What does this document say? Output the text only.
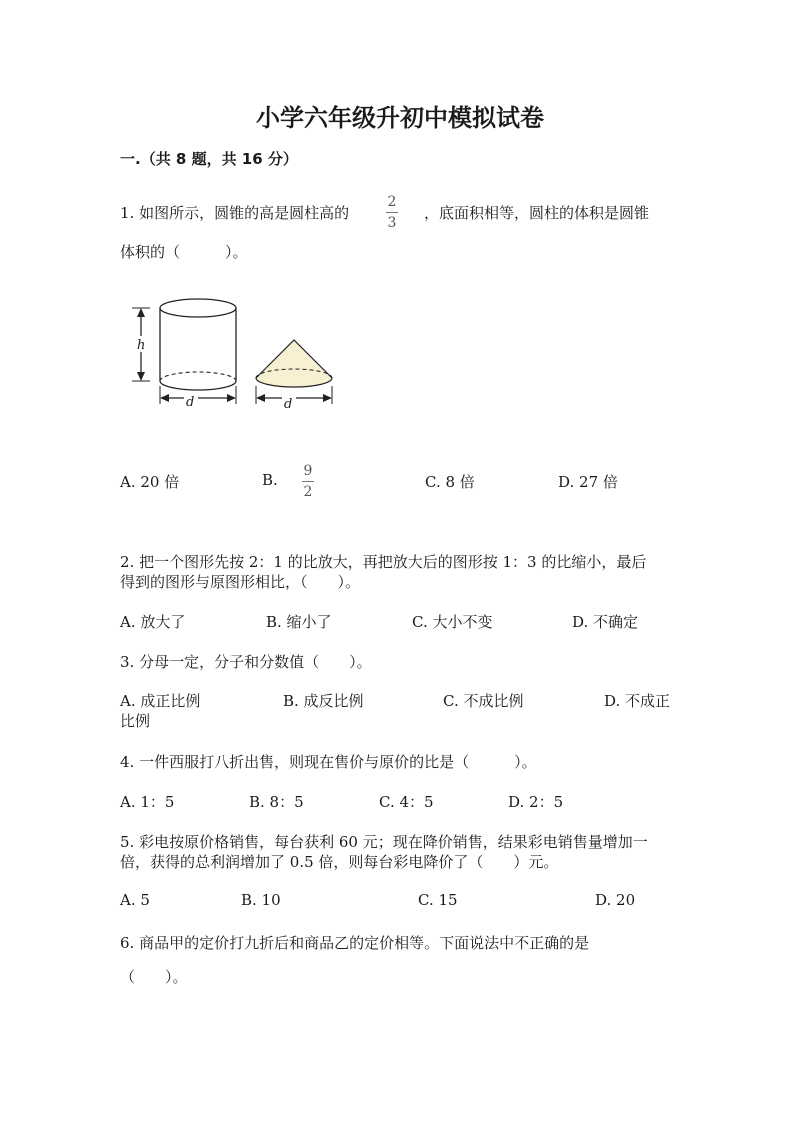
小学六年级升初中模拟试卷
一.（共 8 题，共 16 分）
1. 如图所示，圆锥的高是圆柱高的
2
3
，底面积相等，圆柱的体积是圆锥
体积的（　　　）。
h
d	d
A. 20 倍	B. 9
2
C. 8 倍	D. 27 倍
2. 把一个图形先按 2：1 的比放大，再把放大后的图形按 1：3 的比缩小，最后
得到的图形与原图形相比，（　　）。
A. 放大了	B. 缩小了	C. 大小不变	D. 不确定
3. 分母一定，分子和分数值（　　）。
A. 成正比例	B. 成反比例	C. 不成比例	D. 不成正
比例
4. 一件西服打八折出售，则现在售价与原价的比是（　　　）。
A. 1：5	B. 8：5	C. 4：5	D. 2：5
5. 彩电按原价格销售，每台获利 60 元；现在降价销售，结果彩电销售量增加一
倍，获得的总利润增加了 0.5 倍，则每台彩电降价了（　　）元。
A. 5	B. 10	C. 15	D. 20
6. 商品甲的定价打九折后和商品乙的定价相等。下面说法中不正确的是
（　　）。
